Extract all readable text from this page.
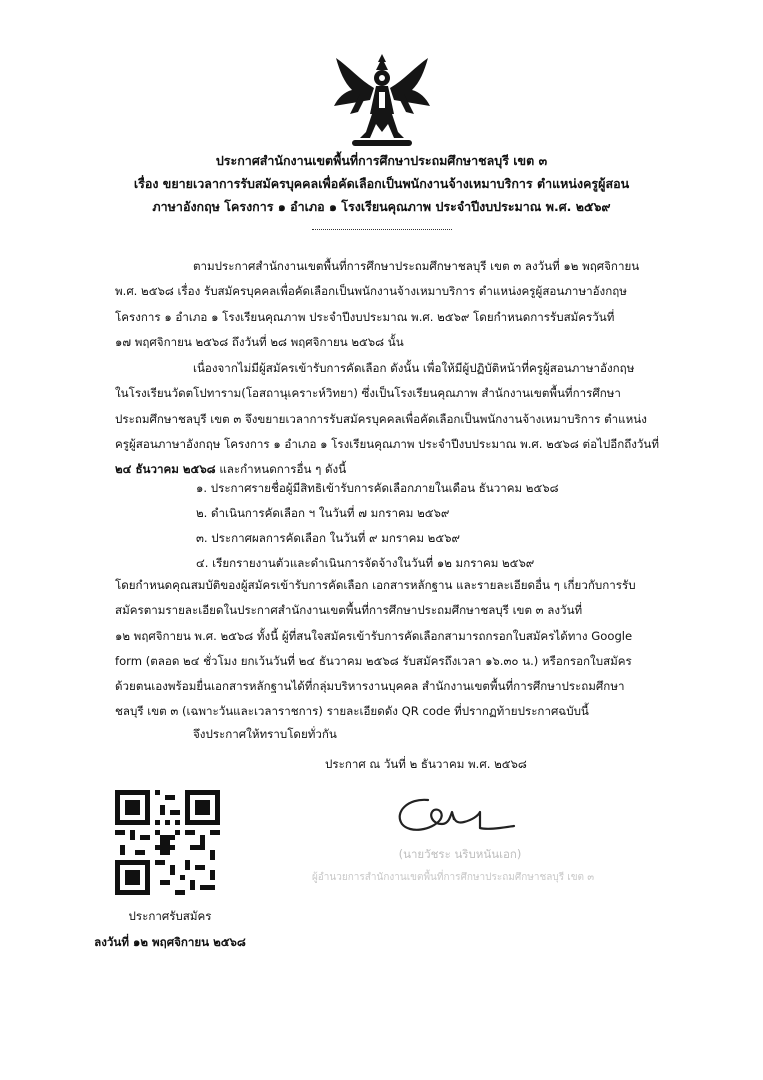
ประกาศสำนักงานเขตพื้นที่การศึกษาประถมศึกษาชลบุรี เขต ๓
เรื่อง ขยายเวลาการรับสมัครบุคคลเพื่อคัดเลือกเป็นพนักงานจ้างเหมาบริการ ตำแหน่งครูผู้สอน
ภาษาอังกฤษ โครงการ ๑ อำเภอ ๑ โรงเรียนคุณภาพ ประจำปีงบประมาณ พ.ศ. ๒๕๖๙
ตามประกาศสำนักงานเขตพื้นที่การศึกษาประถมศึกษาชลบุรี เขต ๓ ลงวันที่ ๑๒ พฤศจิกายน
พ.ศ. ๒๕๖๘ เรื่อง รับสมัครบุคคลเพื่อคัดเลือกเป็นพนักงานจ้างเหมาบริการ ตำแหน่งครูผู้สอนภาษาอังกฤษ
โครงการ ๑ อำเภอ ๑ โรงเรียนคุณภาพ ประจำปีงบประมาณ พ.ศ. ๒๕๖๙ โดยกำหนดการรับสมัครวันที่
๑๗ พฤศจิกายน ๒๕๖๘ ถึงวันที่ ๒๘ พฤศจิกายน ๒๕๖๘ นั้น
เนื่องจากไม่มีผู้สมัครเข้ารับการคัดเลือก ดังนั้น เพื่อให้มีผู้ปฏิบัติหน้าที่ครูผู้สอนภาษาอังกฤษ
ในโรงเรียนวัดตโปทาราม(โอสถานุเคราะห์วิทยา) ซึ่งเป็นโรงเรียนคุณภาพ สำนักงานเขตพื้นที่การศึกษา
ประถมศึกษาชลบุรี เขต ๓ จึงขยายเวลาการรับสมัครบุคคลเพื่อคัดเลือกเป็นพนักงานจ้างเหมาบริการ ตำแหน่ง
ครูผู้สอนภาษาอังกฤษ โครงการ ๑ อำเภอ ๑ โรงเรียนคุณภาพ ประจำปีงบประมาณ พ.ศ. ๒๕๖๘ ต่อไปอีกถึงวันที่
๒๔ ธันวาคม ๒๕๖๘ และกำหนดการอื่น ๆ ดังนี้
๑. ประกาศรายชื่อผู้มีสิทธิเข้ารับการคัดเลือกภายในเดือน ธันวาคม ๒๕๖๘
๒. ดำเนินการคัดเลือก ฯ ในวันที่ ๗ มกราคม ๒๕๖๙
๓. ประกาศผลการคัดเลือก ในวันที่ ๙ มกราคม ๒๕๖๙
๔. เรียกรายงานตัวและดำเนินการจัดจ้างในวันที่ ๑๒ มกราคม ๒๕๖๙
โดยกำหนดคุณสมบัติของผู้สมัครเข้ารับการคัดเลือก เอกสารหลักฐาน และรายละเอียดอื่น ๆ เกี่ยวกับการรับ
สมัครตามรายละเอียดในประกาศสำนักงานเขตพื้นที่การศึกษาประถมศึกษาชลบุรี เขต ๓ ลงวันที่
๑๒ พฤศจิกายน พ.ศ. ๒๕๖๘ ทั้งนี้ ผู้ที่สนใจสมัครเข้ารับการคัดเลือกสามารถกรอกใบสมัครได้ทาง Google
form (ตลอด ๒๔ ชั่วโมง ยกเว้นวันที่ ๒๔ ธันวาคม ๒๕๖๘ รับสมัครถึงเวลา ๑๖.๓๐ น.) หรือกรอกใบสมัคร
ด้วยตนเองพร้อมยื่นเอกสารหลักฐานได้ที่กลุ่มบริหารงานบุคคล สำนักงานเขตพื้นที่การศึกษาประถมศึกษา
ชลบุรี เขต ๓ (เฉพาะวันและเวลาราชการ) รายละเอียดดัง QR code ที่ปรากฏท้ายประกาศฉบับนี้
จึงประกาศให้ทราบโดยทั่วกัน
ประกาศ ณ วันที่ ๒ ธันวาคม พ.ศ. ๒๕๖๘
ประกาศรับสมัคร
ลงวันที่ ๑๒ พฤศจิกายน ๒๕๖๘
(นายวัชระ นริบหนันเอก)
ผู้อำนวยการสำนักงานเขตพื้นที่การศึกษาประถมศึกษาชลบุรี เขต ๓
